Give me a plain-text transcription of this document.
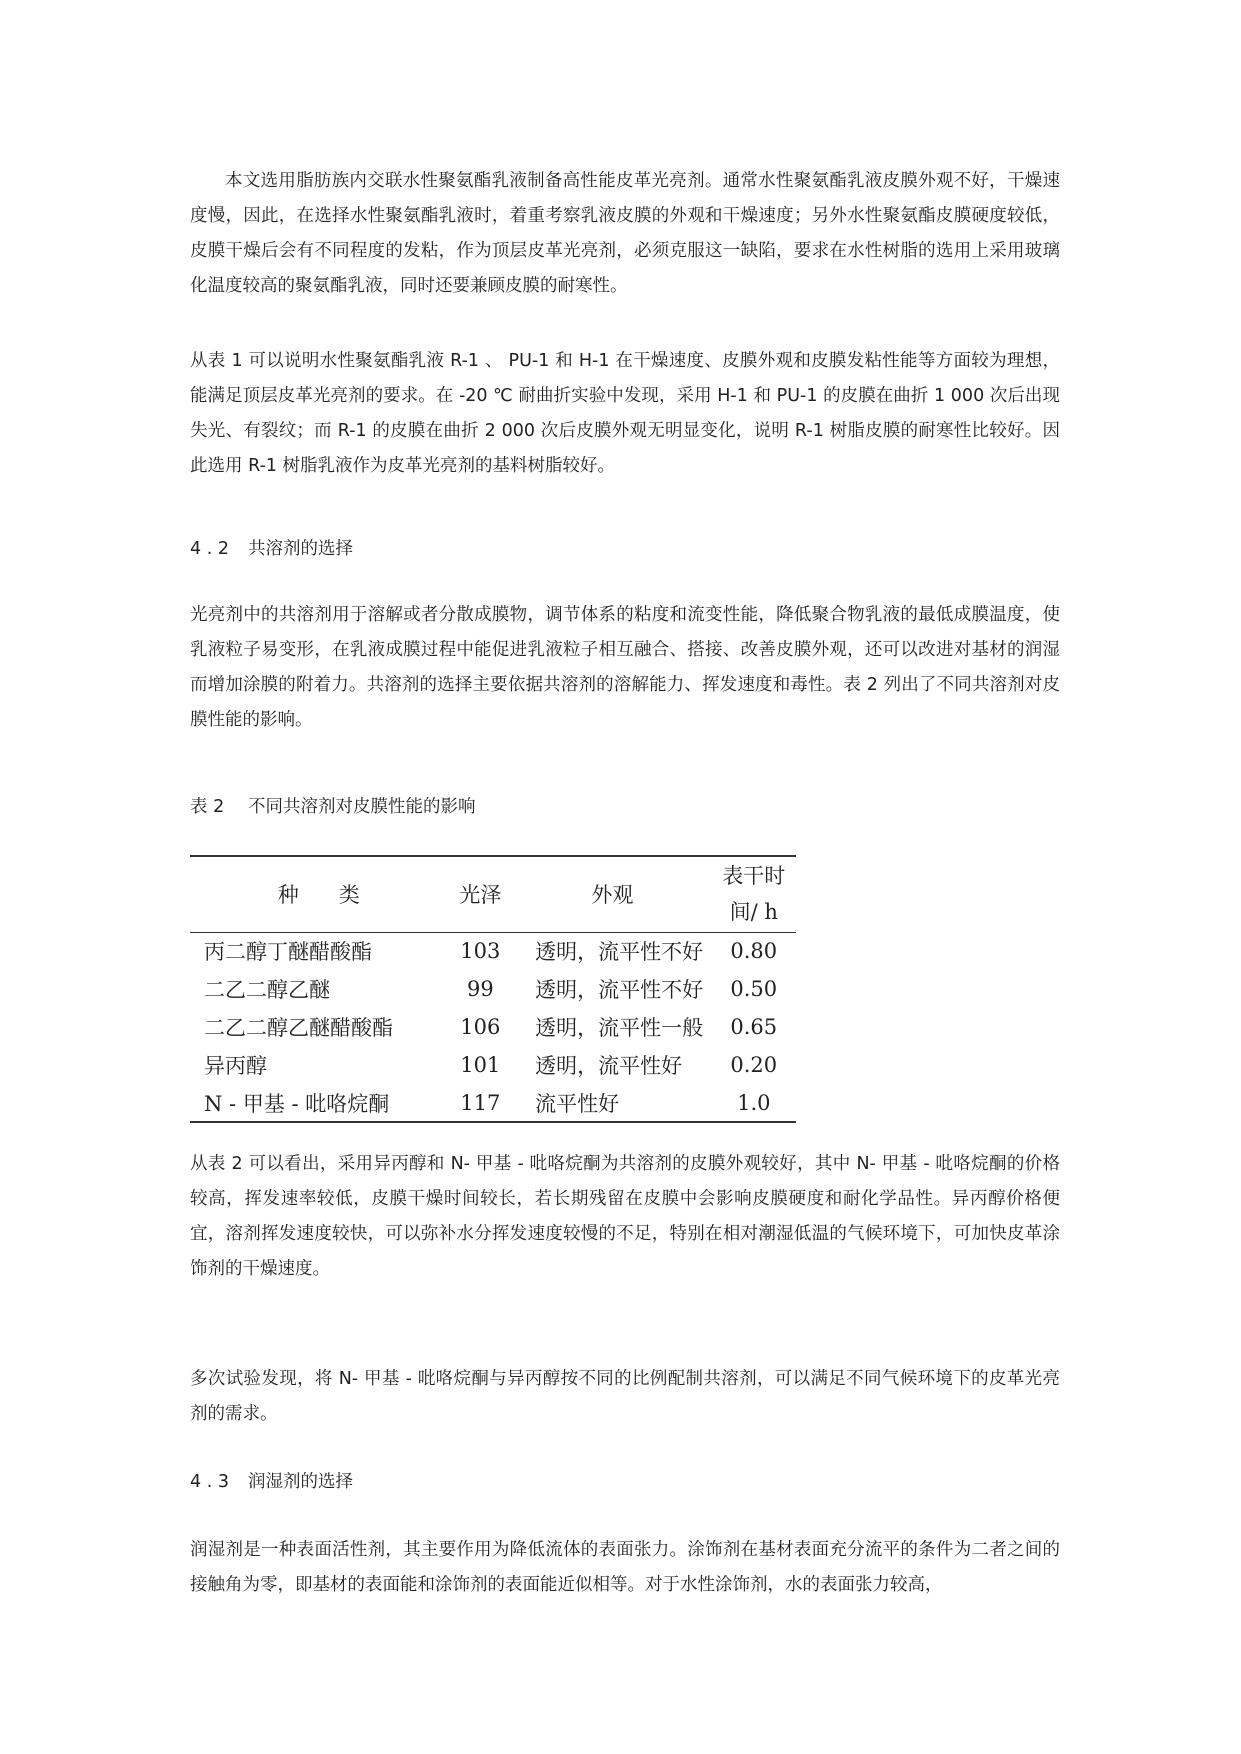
本文选用脂肪族内交联水性聚氨酯乳液制备高性能皮革光亮剂。通常水性聚氨酯乳液皮膜外观不好，干燥速度慢，因此，在选择水性聚氨酯乳液时，着重考察乳液皮膜的外观和干燥速度；另外水性聚氨酯皮膜硬度较低，皮膜干燥后会有不同程度的发粘，作为顶层皮革光亮剂，必须克服这一缺陷，要求在水性树脂的选用上采用玻璃化温度较高的聚氨酯乳液，同时还要兼顾皮膜的耐寒性。

从表 1 可以说明水性聚氨酯乳液 R-1 、 PU-1 和 H-1 在干燥速度、皮膜外观和皮膜发粘性能等方面较为理想，能满足顶层皮革光亮剂的要求。在 -20 ℃ 耐曲折实验中发现，采用 H-1 和 PU-1 的皮膜在曲折 1 000 次后出现失光、有裂纹；而 R-1 的皮膜在曲折 2 000 次后皮膜外观无明显变化，说明 R-1 树脂皮膜的耐寒性比较好。因此选用 R-1 树脂乳液作为皮革光亮剂的基料树脂较好。

4 . 2 共溶剂的选择

光亮剂中的共溶剂用于溶解或者分散成膜物，调节体系的粘度和流变性能，降低聚合物乳液的最低成膜温度，使乳液粒子易变形，在乳液成膜过程中能促进乳液粒子相互融合、搭接、改善皮膜外观，还可以改进对基材的润湿而增加涂膜的附着力。共溶剂的选择主要依据共溶剂的溶解能力、挥发速度和毒性。表 2 列出了不同共溶剂对皮膜性能的影响。

表 2 不同共溶剂对皮膜性能的影响

种类	光泽	外观	表干时
间/ h

丙二醇丁醚醋酸酯	103	透明，流平性不好	0.80
二乙二醇乙醚	99	透明，流平性不好	0.50
二乙二醇乙醚醋酸酯	106	透明，流平性一般	0.65
异丙醇	101	透明，流平性好	0.20
N - 甲基 - 吡咯烷酮	117	流平性好	1.0

从表 2 可以看出，采用异丙醇和 N- 甲基 - 吡咯烷酮为共溶剂的皮膜外观较好，其中 N- 甲基 - 吡咯烷酮的价格较高，挥发速率较低，皮膜干燥时间较长，若长期残留在皮膜中会影响皮膜硬度和耐化学品性。异丙醇价格便宜，溶剂挥发速度较快，可以弥补水分挥发速度较慢的不足，特别在相对潮湿低温的气候环境下，可加快皮革涂饰剂的干燥速度。

多次试验发现，将 N- 甲基 - 吡咯烷酮与异丙醇按不同的比例配制共溶剂，可以满足不同气候环境下的皮革光亮剂的需求。

4 . 3 润湿剂的选择

润湿剂是一种表面活性剂，其主要作用为降低流体的表面张力。涂饰剂在基材表面充分流平的条件为二者之间的接触角为零，即基材的表面能和涂饰剂的表面能近似相等。对于水性涂饰剂，水的表面张力较高，
